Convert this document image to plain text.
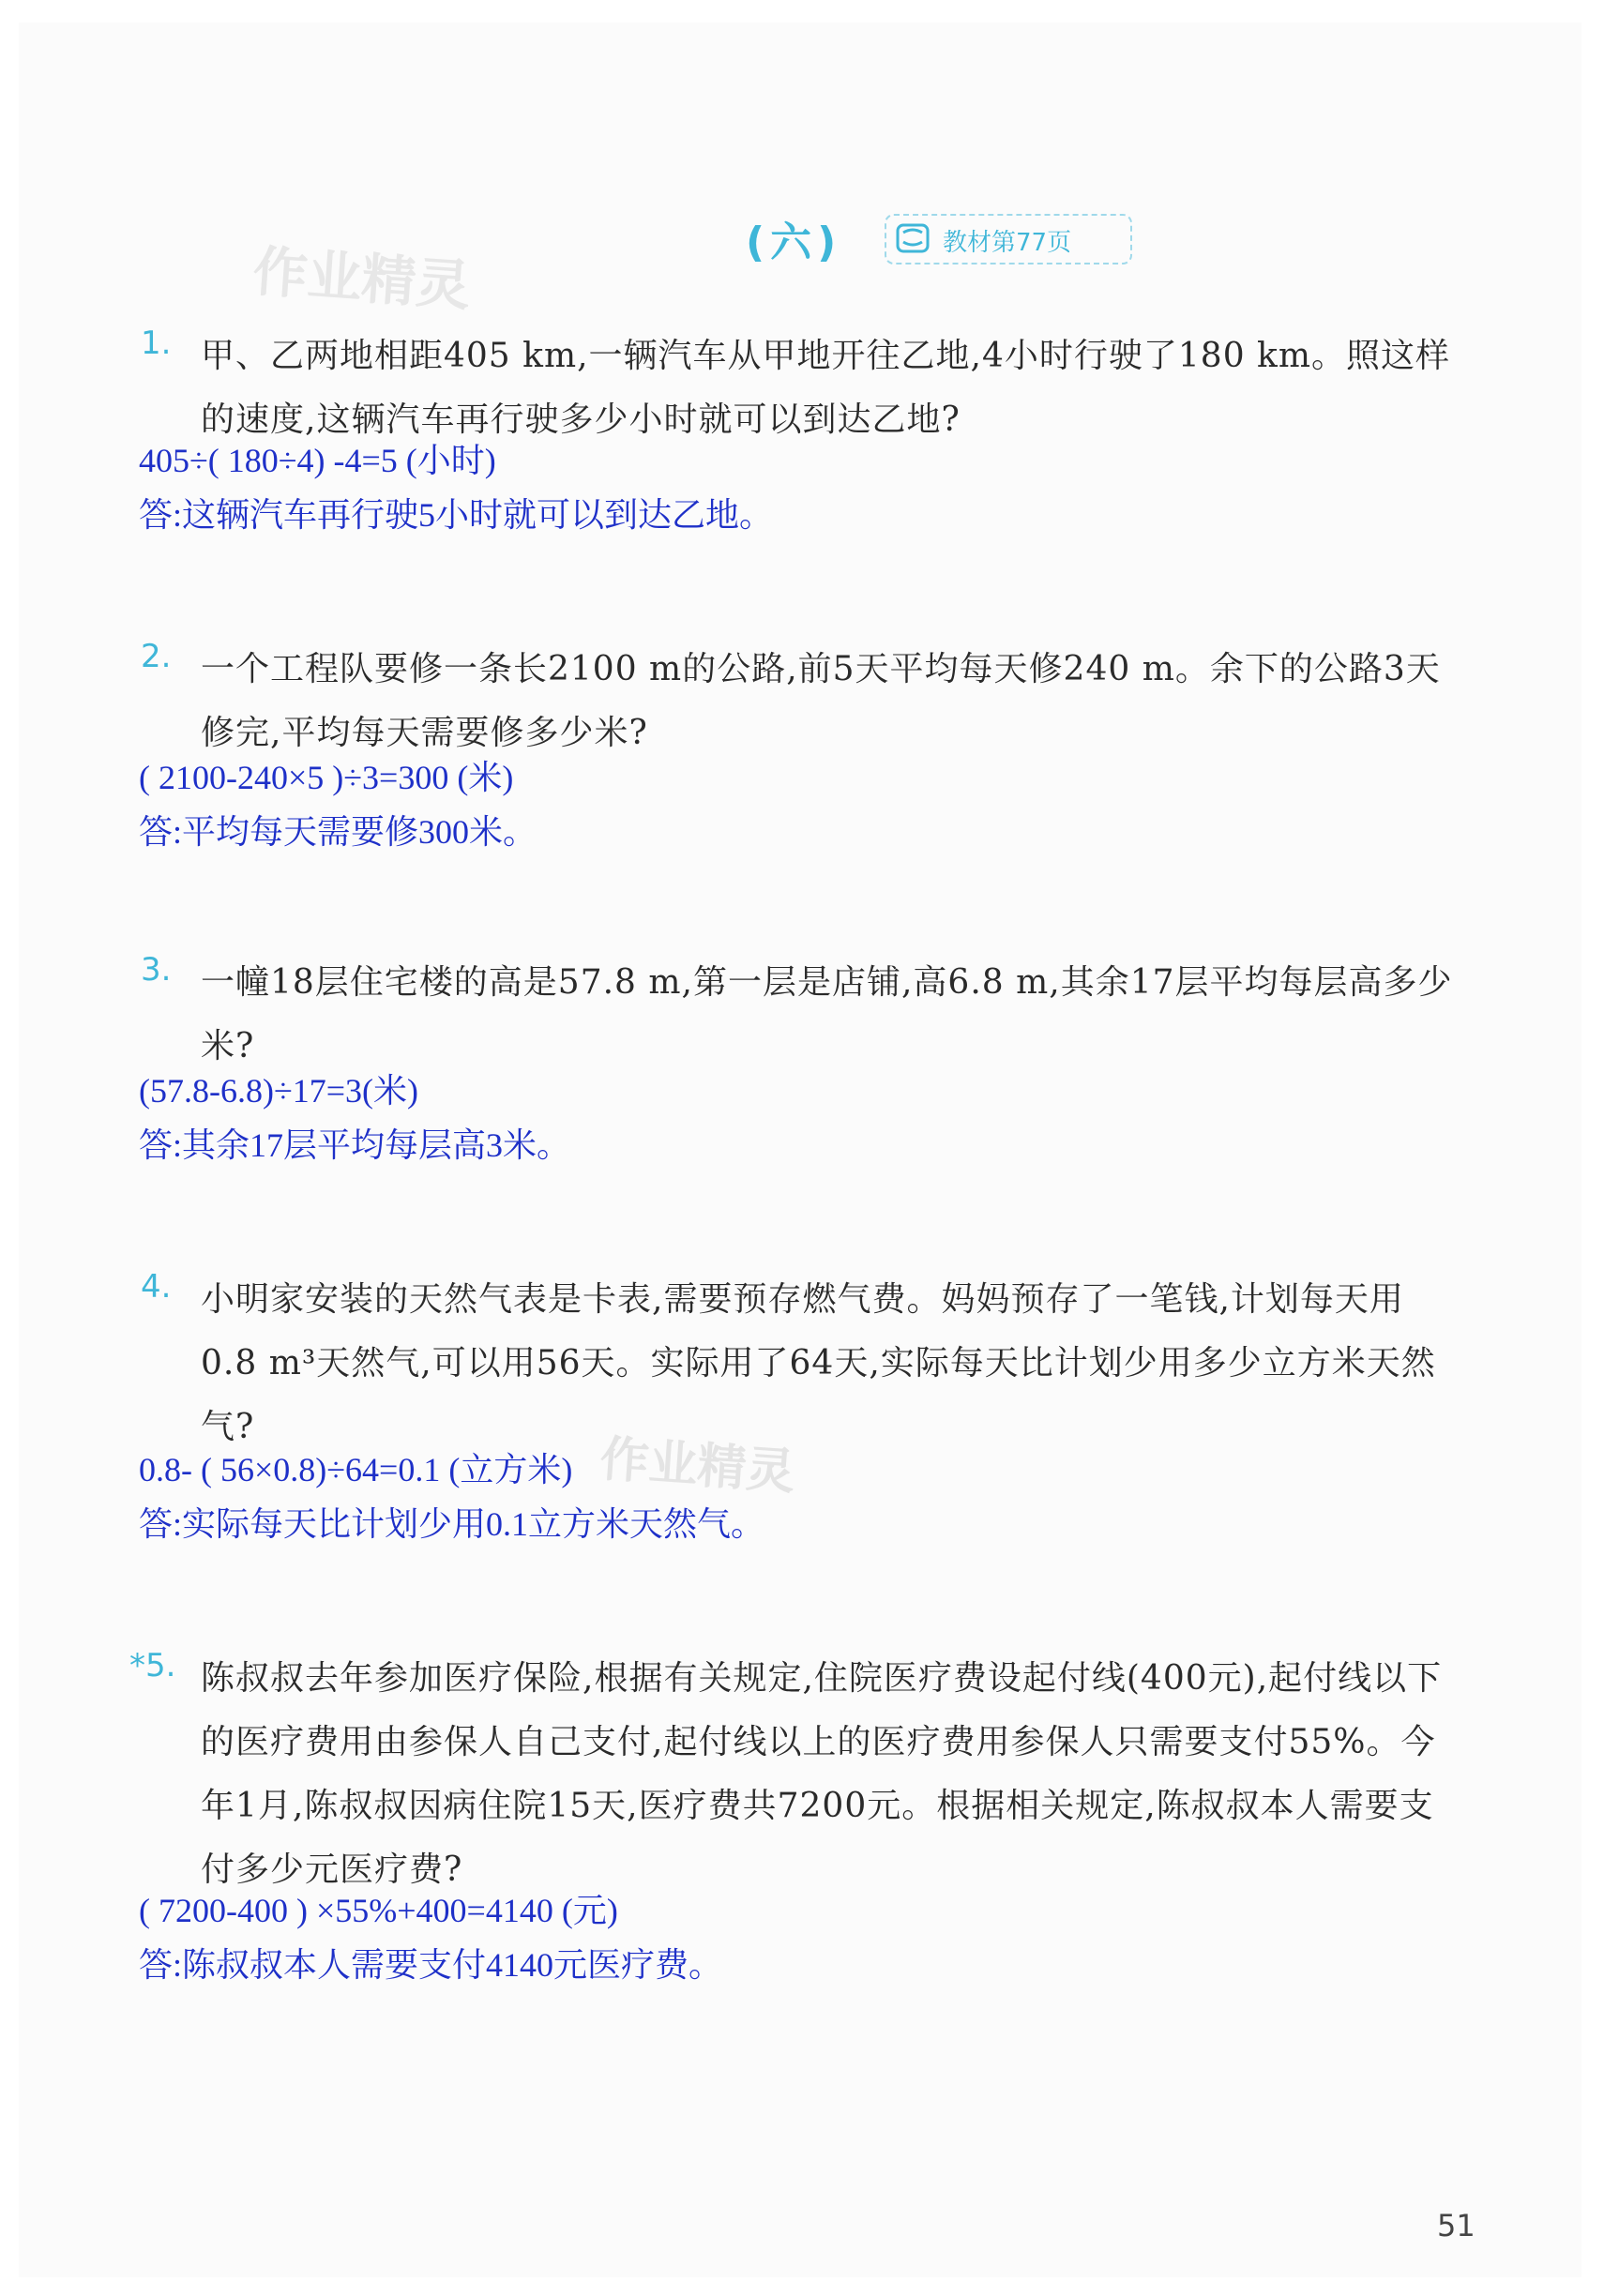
作业精灵	(六)	教材第77页
1. 甲、乙两地相距405 km,一辆汽车从甲地开往乙地,4小时行驶了180 km。照这样的速度,这辆汽车再行驶多少小时就可以到达乙地?
405÷( 180÷4) -4=5 (小时)
答:这辆汽车再行驶5小时就可以到达乙地。
2. 一个工程队要修一条长2100 m的公路,前5天平均每天修240 m。余下的公路3天修完,平均每天需要修多少米?
( 2100-240×5 )÷3=300 (米)
答:平均每天需要修300米。
3. 一幢18层住宅楼的高是57.8 m,第一层是店铺,高6.8 m,其余17层平均每层高多少米?
(57.8-6.8)÷17=3(米)
答:其余17层平均每层高3米。
4. 小明家安装的天然气表是卡表,需要预存燃气费。妈妈预存了一笔钱,计划每天用0.8 m³天然气,可以用56天。实际用了64天,实际每天比计划少用多少立方米天然气?
0.8- ( 56×0.8)÷64=0.1 (立方米)
答:实际每天比计划少用0.1立方米天然气。
作业精灵
*5. 陈叔叔去年参加医疗保险,根据有关规定,住院医疗费设起付线(400元),起付线以下的医疗费用由参保人自己支付,起付线以上的医疗费用参保人只需要支付55%。今年1月,陈叔叔因病住院15天,医疗费共7200元。根据相关规定,陈叔叔本人需要支付多少元医疗费?
( 7200-400 ) ×55%+400=4140 (元)
答:陈叔叔本人需要支付4140元医疗费。
51
